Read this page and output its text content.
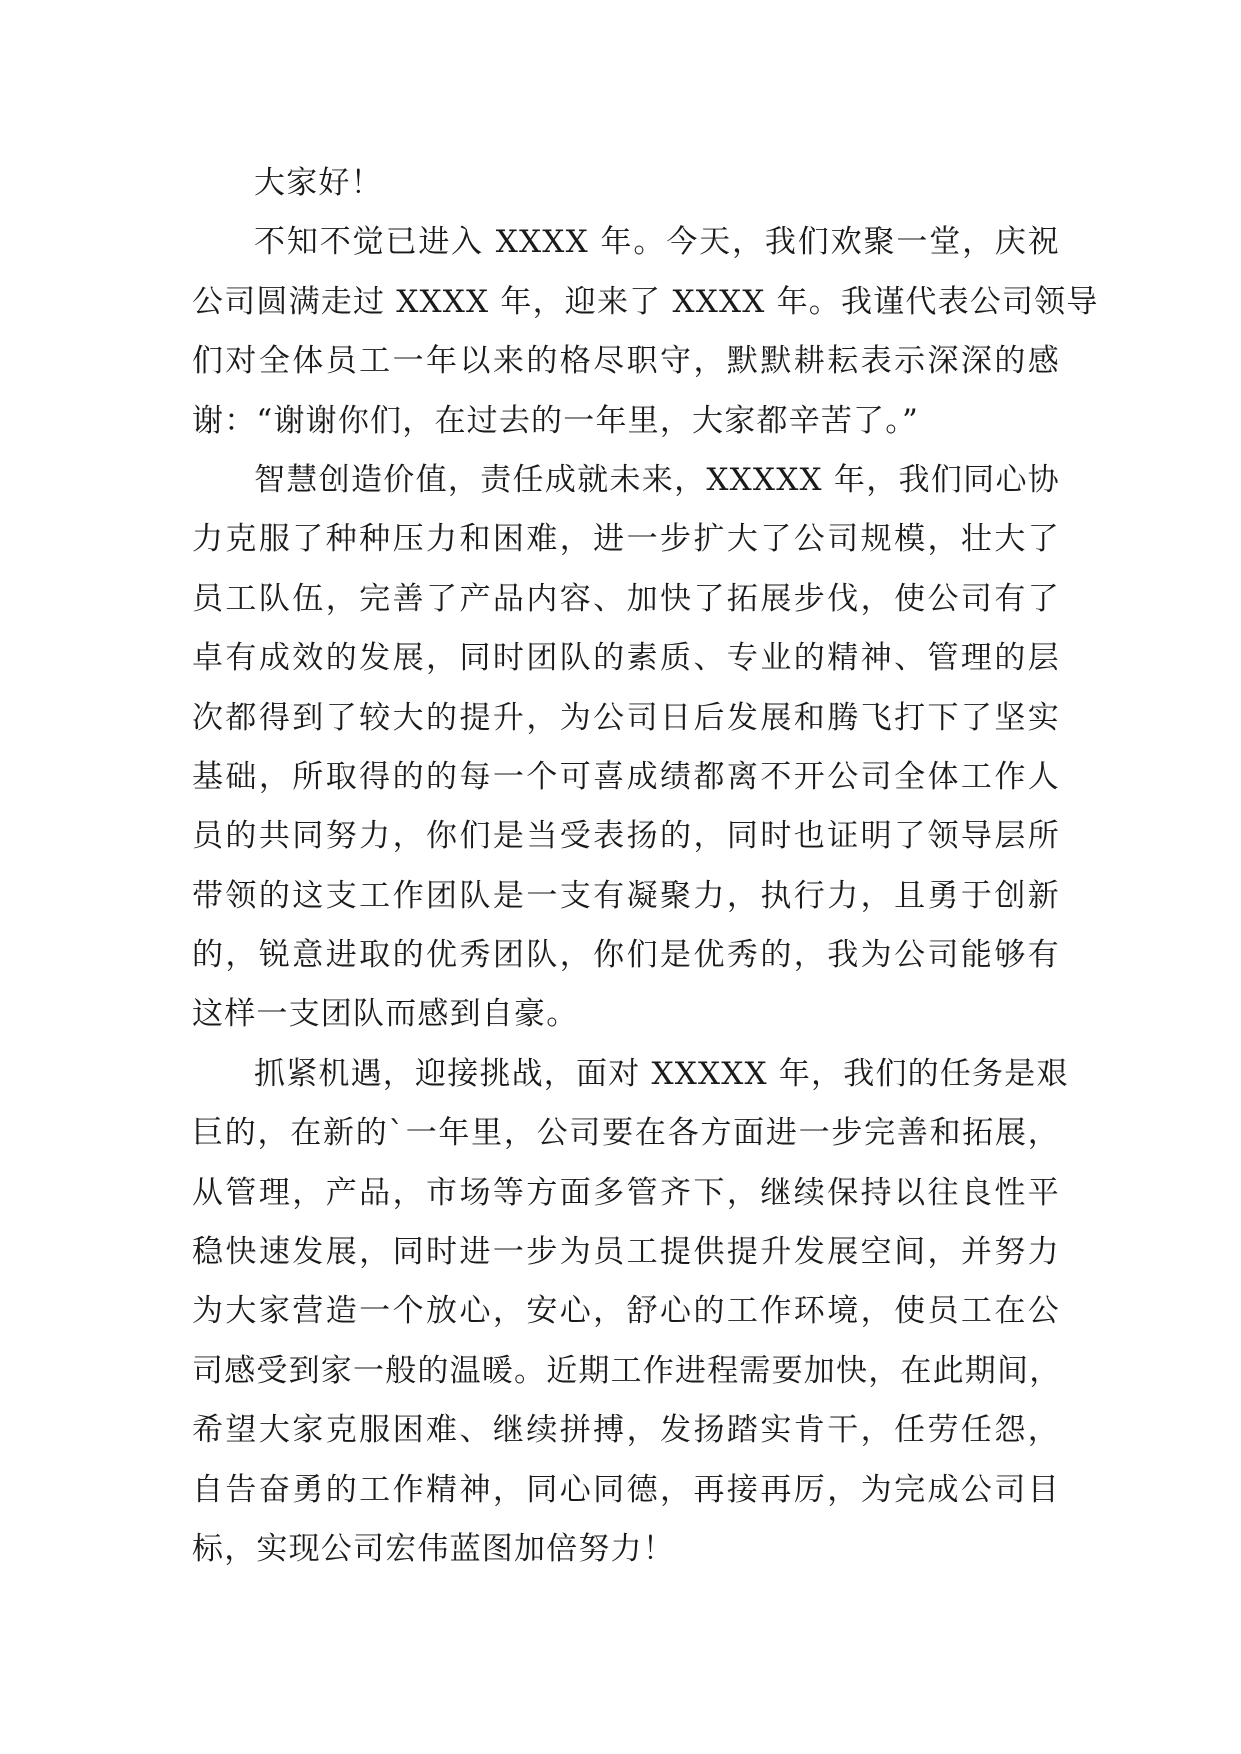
大家好！
不知不觉已进入 XXXX 年。今天，我们欢聚一堂，庆祝
公司圆满走过 XXXX 年，迎来了 XXXX 年。我谨代表公司领导
们对全体员工一年以来的格尽职守，默默耕耘表示深深的感
谢：“谢谢你们，在过去的一年里，大家都辛苦了。”
智慧创造价值，责任成就未来，XXXXX 年，我们同心协
力克服了种种压力和困难，进一步扩大了公司规模，壮大了
员工队伍，完善了产品内容、加快了拓展步伐，使公司有了
卓有成效的发展，同时团队的素质、专业的精神、管理的层
次都得到了较大的提升，为公司日后发展和腾飞打下了坚实
基础，所取得的的每一个可喜成绩都离不开公司全体工作人
员的共同努力，你们是当受表扬的，同时也证明了领导层所
带领的这支工作团队是一支有凝聚力，执行力，且勇于创新
的，锐意进取的优秀团队，你们是优秀的，我为公司能够有
这样一支团队而感到自豪。
抓紧机遇，迎接挑战，面对 XXXXX 年，我们的任务是艰
巨的，在新的`一年里，公司要在各方面进一步完善和拓展，
从管理，产品，市场等方面多管齐下，继续保持以往良性平
稳快速发展，同时进一步为员工提供提升发展空间，并努力
为大家营造一个放心，安心，舒心的工作环境，使员工在公
司感受到家一般的温暖。近期工作进程需要加快，在此期间，
希望大家克服困难、继续拼搏，发扬踏实肯干，任劳任怨，
自告奋勇的工作精神，同心同德，再接再厉，为完成公司目
标，实现公司宏伟蓝图加倍努力！
